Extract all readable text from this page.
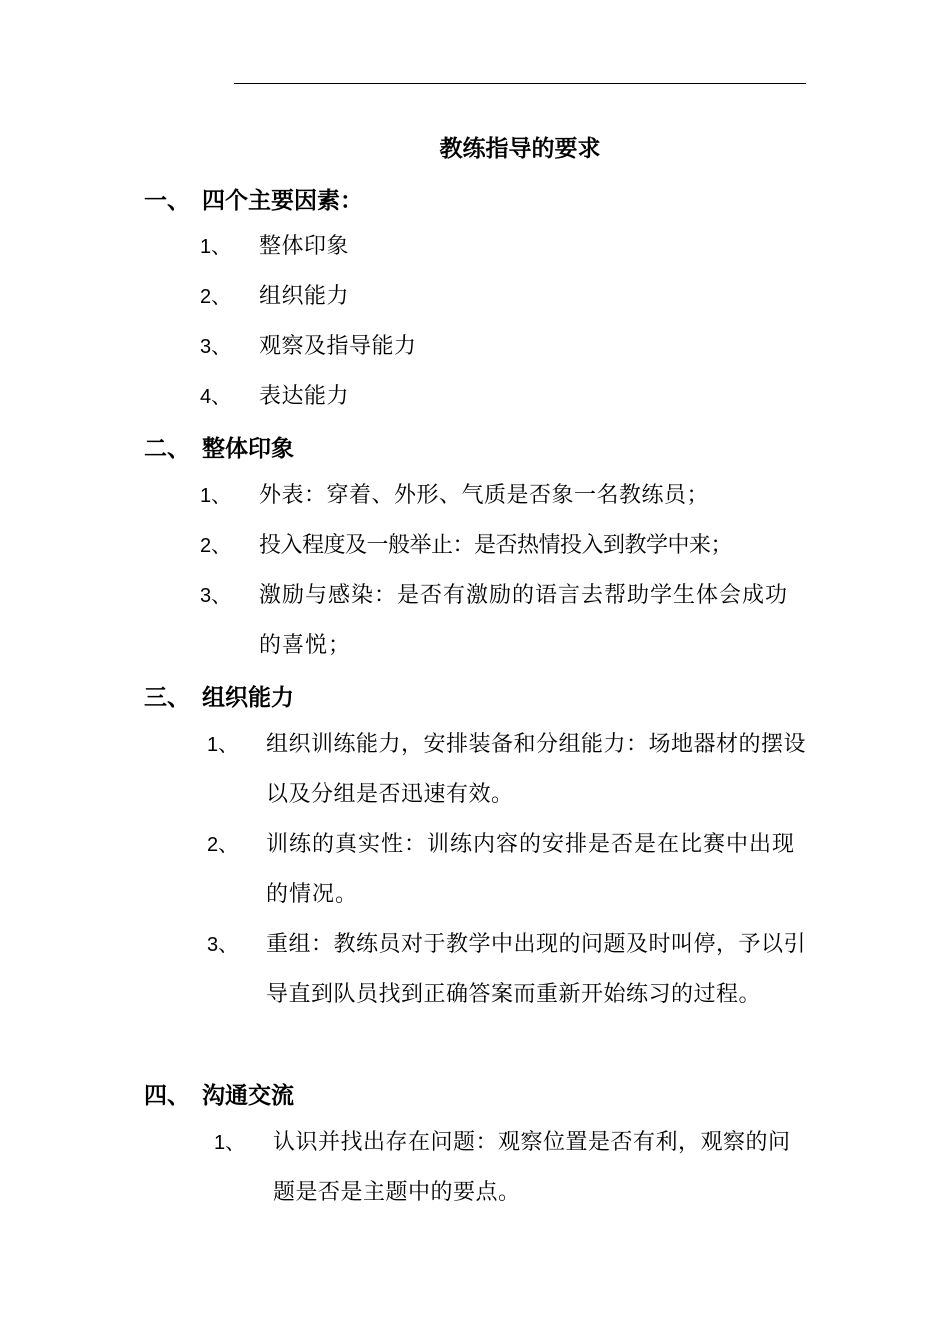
教练指导的要求
一、 四个主要因素：
1、 整体印象
2、 组织能力
3、 观察及指导能力
4、 表达能力
二、 整体印象
1、 外表：穿着、外形、气质是否象一名教练员；
2、 投入程度及一般举止：是否热情投入到教学中来；
3、 激励与感染：是否有激励的语言去帮助学生体会成功的喜悦；
三、 组织能力
1、 组织训练能力，安排装备和分组能力：场地器材的摆设以及分组是否迅速有效。
2、 训练的真实性：训练内容的安排是否是在比赛中出现的情况。
3、 重组：教练员对于教学中出现的问题及时叫停，予以引导直到队员找到正确答案而重新开始练习的过程。
四、 沟通交流
1、 认识并找出存在问题：观察位置是否有利，观察的问题是否是主题中的要点。
